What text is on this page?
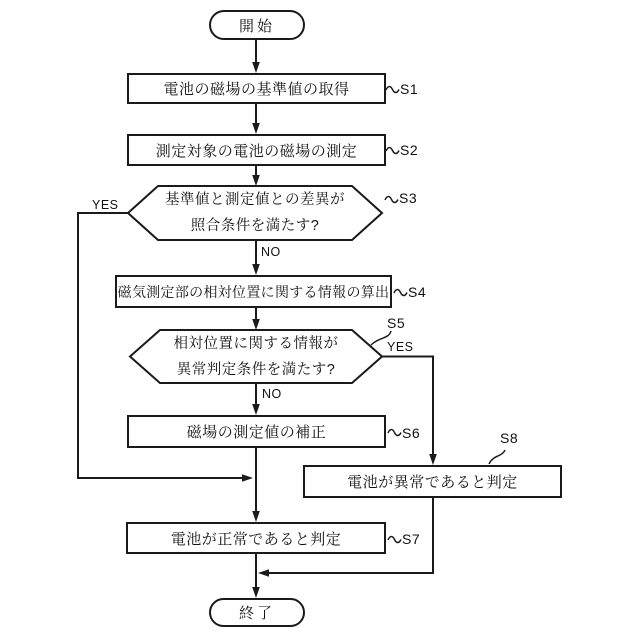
開始
終了
電池の磁場の基準値の取得
測定対象の電池の磁場の測定
磁気測定部の相対位置に関する情報の算出
磁場の測定値の補正
電池が異常であると判定
電池が正常であると判定
基準値と測定値との差異が
照合条件を満たす?
相対位置に関する情報が
異常判定条件を満たす?
S1
S2
S3
S4
S5
S6
S7
S8
YES
NO
YES
NO
